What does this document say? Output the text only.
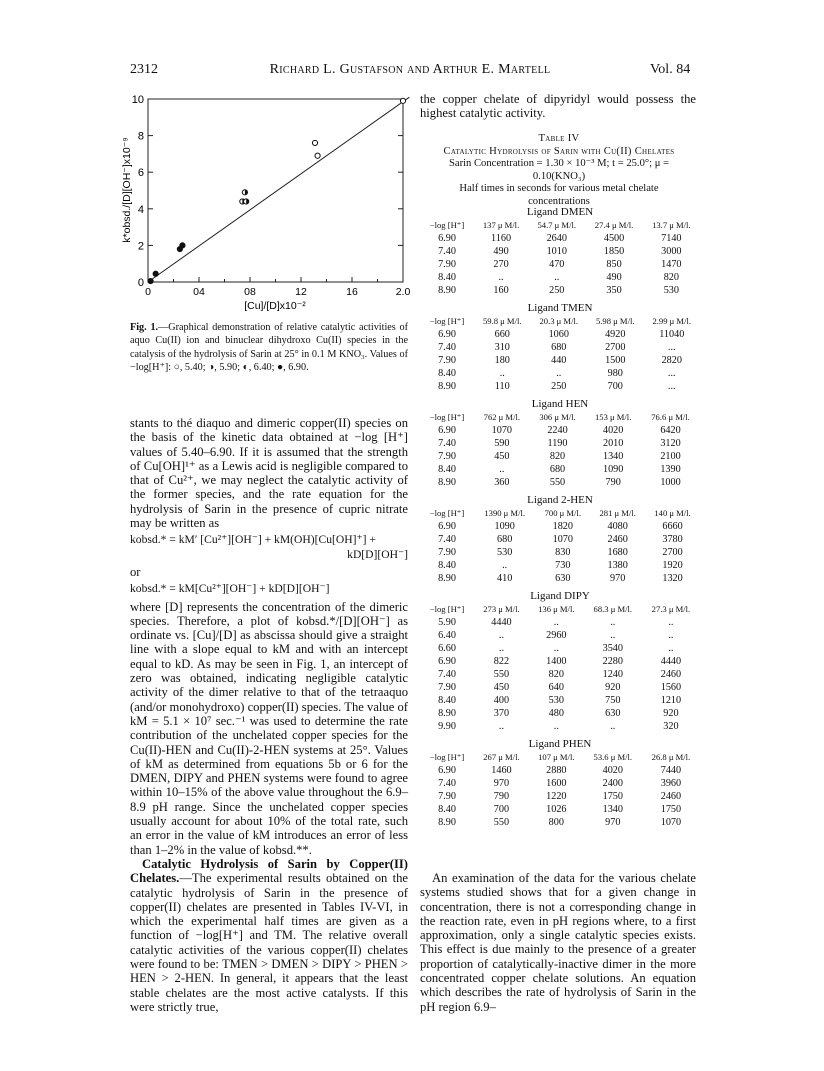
2312	Richard L. Gustafson and Arthur E. Martell	Vol. 84
0
2
4
6
8
10
0	04	08	12	16	2.0
k*obsd./[D][OH⁻]x10⁻⁹
[Cu]/[D]x10⁻²
Fig. 1.—Graphical demonstration of relative catalytic activities of aquo Cu(II) ion and binuclear dihydroxo Cu(II) species in the catalysis of the hydrolysis of Sarin at 25° in 0.1 M KNO₃. Values of −log[H⁺]: ○, 5.40; ◑, 5.90; ◐, 6.40; ●, 6.90.

stants to thé diaquo and dimeric copper(II) species on the basis of the kinetic data obtained at −log [H⁺] values of 5.40–6.90. If it is assumed that the strength of Cu[OH]¹⁺ as a Lewis acid is negligible compared to that of Cu²⁺, we may neglect the catalytic activity of the former species, and the rate equation for the hydrolysis of Sarin in the presence of cupric nitrate may be written as

kobsd.* = kM′ [Cu²⁺][OH⁻] + kM(OH)[Cu[OH]⁺] +
kD[D][OH⁻]

or

kobsd.* = kM[Cu²⁺][OH⁻] + kD[D][OH⁻]

where [D] represents the concentration of the dimeric species. Therefore, a plot of kobsd.*/[D][OH⁻] as ordinate vs. [Cu]/[D] as abscissa should give a straight line with a slope equal to kM and with an intercept equal to kD. As may be seen in Fig. 1, an intercept of zero was obtained, indicating negligible catalytic activity of the dimer relative to that of the tetraaquo (and/or monohydroxo) copper(II) species. The value of kM = 5.1 × 10⁷ sec.⁻¹ was used to determine the rate contribution of the unchelated copper species for the Cu(II)-HEN and Cu(II)-2-HEN systems at 25°. Values of kM as determined from equations 5b or 6 for the DMEN, DIPY and PHEN systems were found to agree within 10–15% of the above value throughout the 6.9–8.9 pH range. Since the unchelated copper species usually account for about 10% of the total rate, such an error in the value of kM introduces an error of less than 1–2% in the value of kobsd.**.

Catalytic Hydrolysis of Sarin by Copper(II) Chelates.—The experimental results obtained on the catalytic hydrolysis of Sarin in the presence of copper(II) chelates are presented in Tables IV-VI, in which the experimental half times are given as a function of −log[H⁺] and TM. The relative overall catalytic activities of the various copper(II) chelates were found to be: TMEN > DMEN > DIPY > PHEN > HEN > 2-HEN. In general, it appears that the least stable chelates are the most active catalysts. If this were strictly true,

the copper chelate of dipyridyl would possess the highest catalytic activity.
Table IV
Catalytic Hydrolysis of Sarin with Cu(II) Chelates
Sarin Concentration = 1.30 × 10⁻³ M; t = 25.0°; μ =
0.10(KNO₃)
Half times in seconds for various metal chelate
concentrations
Ligand DMEN
−log [H⁺]	137 μ M/l.	54.7 μ M/l.	27.4 μ M/l.	13.7 μ M/l.
6.90	1160	2640	4500	7140
7.40	490	1010	1850	3000
7.90	270	470	850	1470
8.40	..	..	490	820
8.90	160	250	350	530
Ligand TMEN
−log [H⁺]	59.8 μ M/l.	20.3 μ M/l.	5.98 μ M/l.	2.99 μ M/l.
6.90	660	1060	4920	11040
7.40	310	680	2700	...
7.90	180	440	1500	2820
8.40	..	..	980	...
8.90	110	250	700	...
Ligand HEN
−log [H⁺]	762 μ M/l.	306 μ M/l.	153 μ M/l.	76.6 μ M/l.
6.90	1070	2240	4020	6420
7.40	590	1190	2010	3120
7.90	450	820	1340	2100
8.40	..	680	1090	1390
8.90	360	550	790	1000
Ligand 2-HEN
−log [H⁺]	1390 μ M/l.	700 μ M/l.	281 μ M/l.	140 μ M/l.
6.90	1090	1820	4080	6660
7.40	680	1070	2460	3780
7.90	530	830	1680	2700
8.40	..	730	1380	1920
8.90	410	630	970	1320
Ligand DIPY
−log [H⁺]	273 μ M/l.	136 μ M/l.	68.3 μ M/l.	27.3 μ M/l.
5.90	4440	..	..	..
6.40	..	2960	..	..
6.60	..	..	3540	..
6.90	822	1400	2280	4440
7.40	550	820	1240	2460
7.90	450	640	920	1560
8.40	400	530	750	1210
8.90	370	480	630	920
9.90	..	..	..	320
Ligand PHEN
−log [H⁺]	267 μ M/l.	107 μ M/l.	53.6 μ M/l.	26.8 μ M/l.
6.90	1460	2880	4020	7440
7.40	970	1600	2400	3960
7.90	790	1220	1750	2460
8.40	700	1026	1340	1750
8.90	550	800	970	1070

An examination of the data for the various chelate systems studied shows that for a given change in concentration, there is not a corresponding change in the reaction rate, even in pH regions where, to a first approximation, only a single catalytic species exists. This effect is due mainly to the presence of a greater proportion of catalytically-inactive dimer in the more concentrated copper chelate solutions. An equation which describes the rate of hydrolysis of Sarin in the pH region 6.9–
